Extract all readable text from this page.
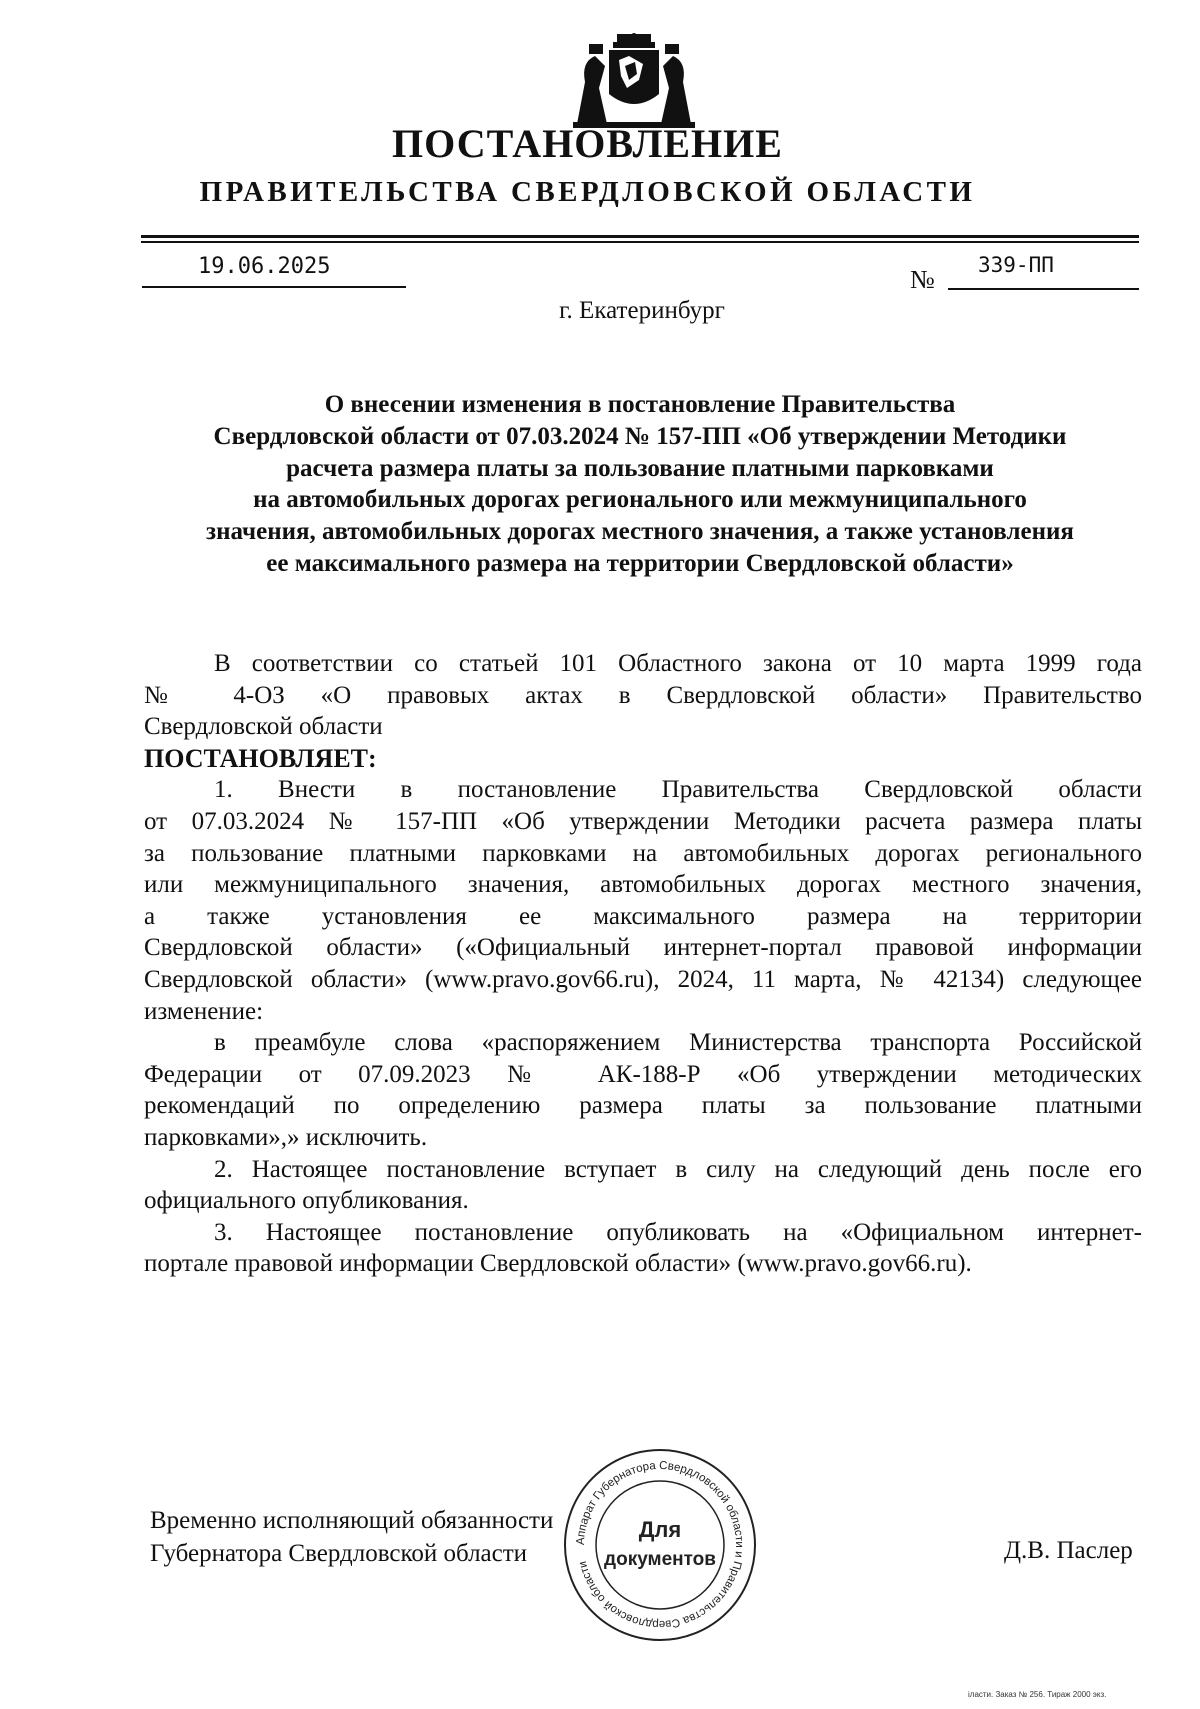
ПОСТАНОВЛЕНИЕ
ПРАВИТЕЛЬСТВА СВЕРДЛОВСКОЙ ОБЛАСТИ
19.06.2025	№ 339-ПП
г. Екатеринбург
О внесении изменения в постановление Правительства
Свердловской области от 07.03.2024 № 157-ПП «Об утверждении Методики
расчета размера платы за пользование платными парковками
на автомобильных дорогах регионального или межмуниципального
значения, автомобильных дорогах местного значения, а также установления
ее максимального размера на территории Свердловской области»

В соответствии со статьей 101 Областного закона от 10 марта 1999 года

№ 4-ОЗ «О правовых актах в Свердловской области» Правительство

Свердловской области

ПОСТАНОВЛЯЕТ:

1. Внести в постановление Правительства Свердловской области

от 07.03.2024 № 157-ПП «Об утверждении Методики расчета размера платы

за пользование платными парковками на автомобильных дорогах регионального

или межмуниципального значения, автомобильных дорогах местного значения,

а также установления ее максимального размера на территории

Свердловской области» («Официальный интернет-портал правовой информации

Свердловской области» (www.pravo.gov66.ru), 2024, 11 марта, № 42134) следующее

изменение:

в преамбуле слова «распоряжением Министерства транспорта Российской

Федерации от 07.09.2023 № АК-188-Р «Об утверждении методических

рекомендаций по определению размера платы за пользование платными

парковками»,» исключить.

2. Настоящее постановление вступает в силу на следующий день после его

официального опубликования.

3. Настоящее постановление опубликовать на «Официальном интернет-

портале правовой информации Свердловской области» (www.pravo.gov66.ru).

Временно исполняющий обязанности
Губернатора Свердловской области	Д.В. Паслер
Аппарат Губернатора Свердловской области и Правительства Свердловской области
Для
документов
іласти. Заказ № 256. Тираж 2000 экз.
